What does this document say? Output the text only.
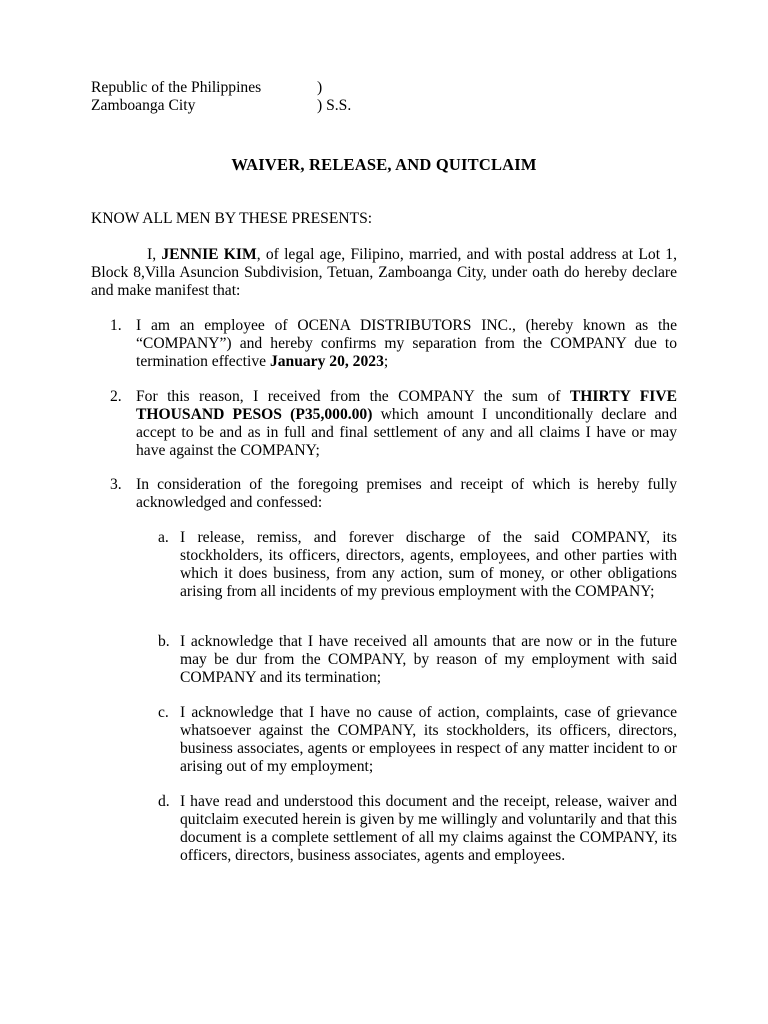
Republic of the Philippines	)
Zamboanga City	) S.S.
WAIVER, RELEASE, AND QUITCLAIM
KNOW ALL MEN BY THESE PRESENTS:
I, JENNIE KIM, of legal age, Filipino, married, and with postal address at Lot 1, Block 8,Villa Asuncion Subdivision, Tetuan, Zamboanga City, under oath do hereby declare and make manifest that:
1. I am an employee of OCENA DISTRIBUTORS INC., (hereby known as the “COMPANY”) and hereby confirms my separation from the COMPANY due to termination effective January 20, 2023;
2. For this reason, I received from the COMPANY the sum of THIRTY FIVE THOUSAND PESOS (P35,000.00) which amount I unconditionally declare and accept to be and as in full and final settlement of any and all claims I have or may have against the COMPANY;
3. In consideration of the foregoing premises and receipt of which is hereby fully acknowledged and confessed:
a. I release, remiss, and forever discharge of the said COMPANY, its stockholders, its officers, directors, agents, employees, and other parties with which it does business, from any action, sum of money, or other obligations arising from all incidents of my previous employment with the COMPANY;
b. I acknowledge that I have received all amounts that are now or in the future may be dur from the COMPANY, by reason of my employment with said COMPANY and its termination;
c. I acknowledge that I have no cause of action, complaints, case of grievance whatsoever against the COMPANY, its stockholders, its officers, directors, business associates, agents or employees in respect of any matter incident to or arising out of my employment;
d. I have read and understood this document and the receipt, release, waiver and quitclaim executed herein is given by me willingly and voluntarily and that this document is a complete settlement of all my claims against the COMPANY, its officers, directors, business associates, agents and employees.
